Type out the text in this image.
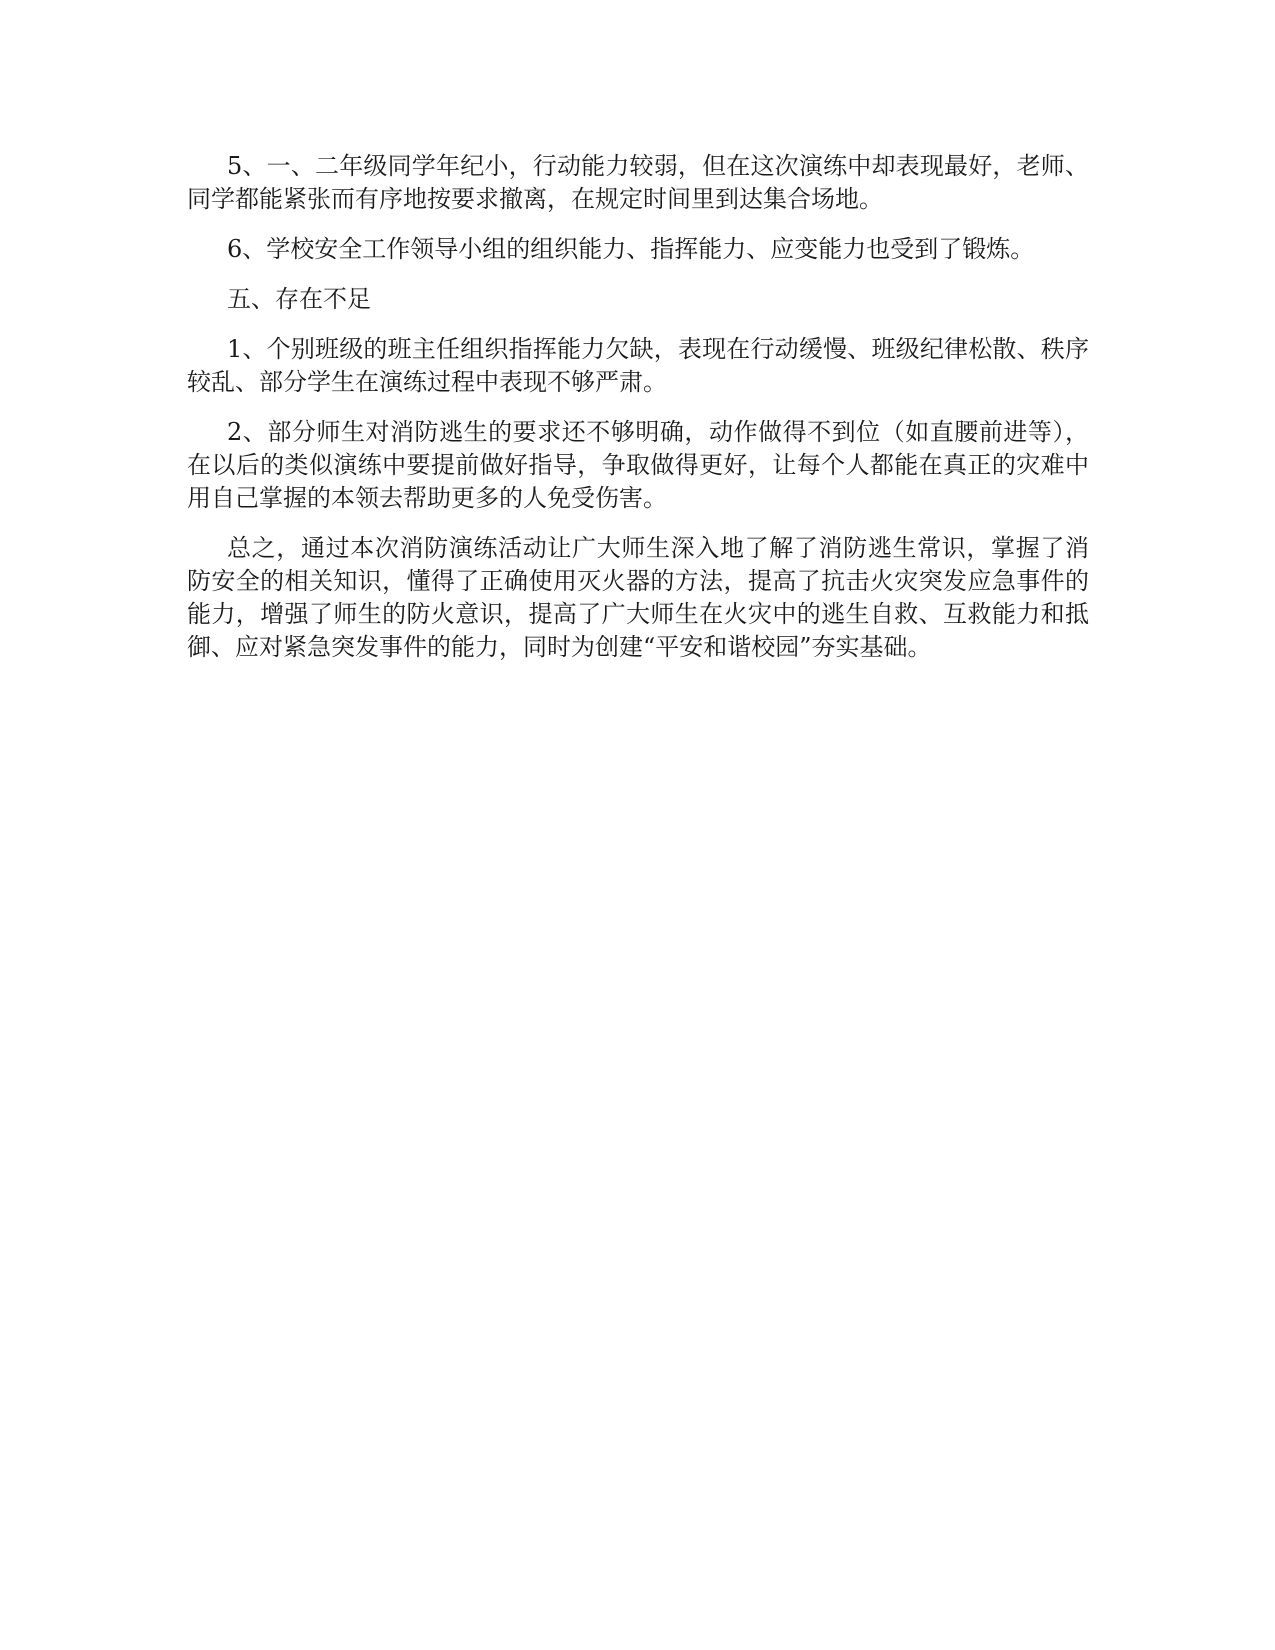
5、一、二年级同学年纪小，行动能力较弱，但在这次演练中却表现最好，老师、同学都能紧张而有序地按要求撤离，在规定时间里到达集合场地。

6、学校安全工作领导小组的组织能力、指挥能力、应变能力也受到了锻炼。

五、存在不足

1、个别班级的班主任组织指挥能力欠缺，表现在行动缓慢、班级纪律松散、秩序较乱、部分学生在演练过程中表现不够严肃。

2、部分师生对消防逃生的要求还不够明确，动作做得不到位（如直腰前进等），在以后的类似演练中要提前做好指导，争取做得更好，让每个人都能在真正的灾难中用自己掌握的本领去帮助更多的人免受伤害。

总之，通过本次消防演练活动让广大师生深入地了解了消防逃生常识，掌握了消防安全的相关知识，懂得了正确使用灭火器的方法，提高了抗击火灾突发应急事件的能力，增强了师生的防火意识，提高了广大师生在火灾中的逃生自救、互救能力和抵御、应对紧急突发事件的能力，同时为创建“平安和谐校园”夯实基础。
